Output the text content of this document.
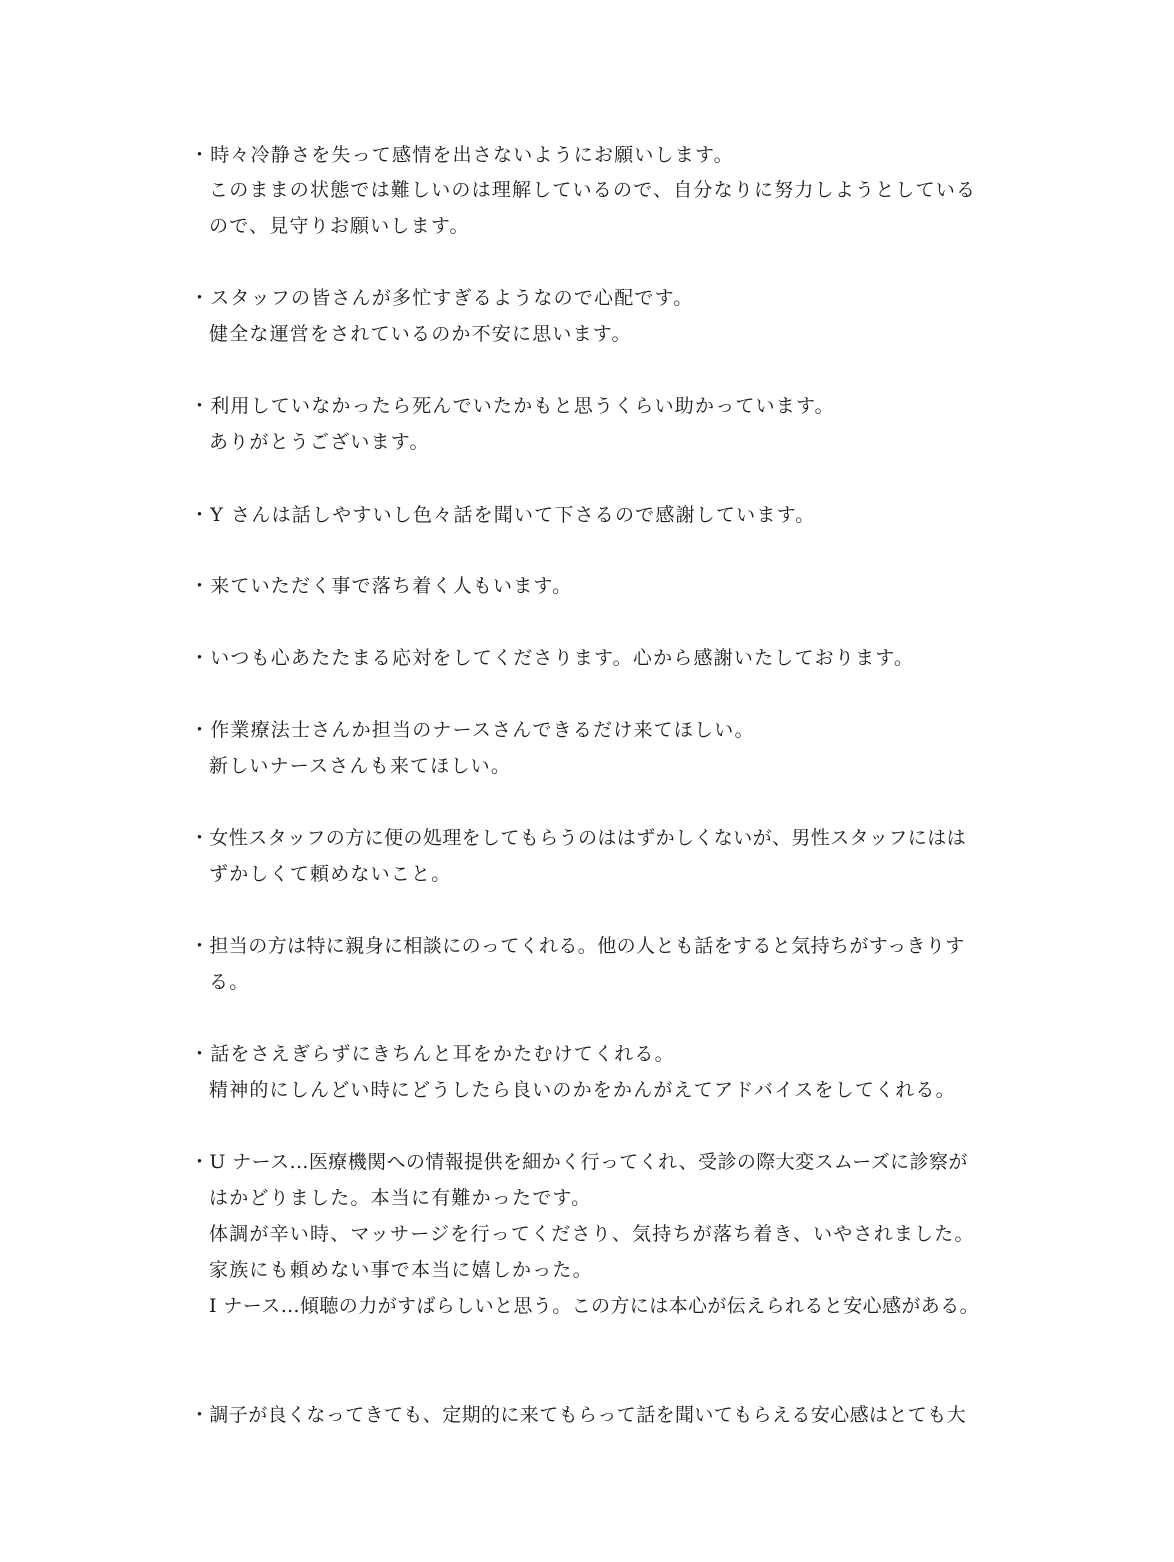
・時々冷静さを失って感情を出さないようにお願いします。
このままの状態では難しいのは理解しているので、自分なりに努力しようとしている
ので、見守りお願いします。
・スタッフの皆さんが多忙すぎるようなので心配です。
健全な運営をされているのか不安に思います。
・利用していなかったら死んでいたかもと思うくらい助かっています。
ありがとうございます。
・Y さんは話しやすいし色々話を聞いて下さるので感謝しています。
・来ていただく事で落ち着く人もいます。
・いつも心あたたまる応対をしてくださります。心から感謝いたしております。
・作業療法士さんか担当のナースさんできるだけ来てほしい。
新しいナースさんも来てほしい。
・女性スタッフの方に便の処理をしてもらうのははずかしくないが、男性スタッフにはは
ずかしくて頼めないこと。
・担当の方は特に親身に相談にのってくれる。他の人とも話をすると気持ちがすっきりす
る。
・話をさえぎらずにきちんと耳をかたむけてくれる。
精神的にしんどい時にどうしたら良いのかをかんがえてアドバイスをしてくれる。
・U ナース…医療機関への情報提供を細かく行ってくれ、受診の際大変スムーズに診察が
はかどりました。本当に有難かったです。
体調が辛い時、マッサージを行ってくださり、気持ちが落ち着き、いやされました。
家族にも頼めない事で本当に嬉しかった。
I ナース…傾聴の力がすばらしいと思う。この方には本心が伝えられると安心感がある。
・調子が良くなってきても、定期的に来てもらって話を聞いてもらえる安心感はとても大
